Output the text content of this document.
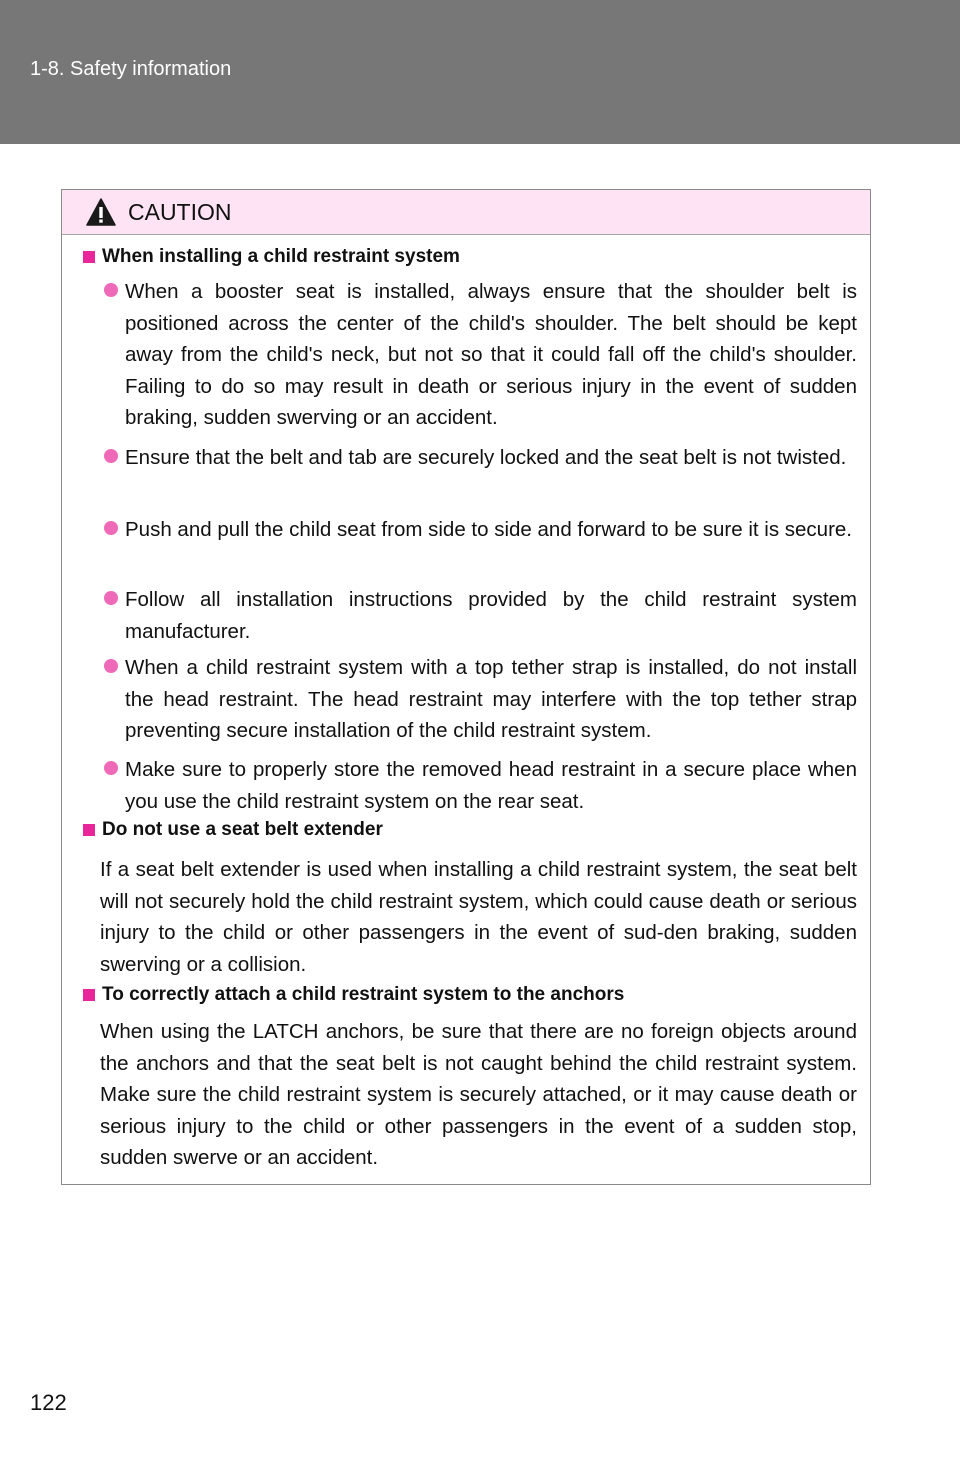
1-8. Safety information
CAUTION
When installing a child restraint system
When a booster seat is installed, always ensure that the shoulder belt is positioned across the center of the child's shoulder. The belt should be kept away from the child's neck, but not so that it could fall off the child's shoulder. Failing to do so may result in death or serious injury in the event of sudden braking, sudden swerving or an accident.
Ensure that the belt and tab are securely locked and the seat belt is not twisted.
Push and pull the child seat from side to side and forward to be sure it is secure.
Follow all installation instructions provided by the child restraint system manufacturer.
When a child restraint system with a top tether strap is installed, do not install the head restraint. The head restraint may interfere with the top tether strap preventing secure installation of the child restraint system.
Make sure to properly store the removed head restraint in a secure place when you use the child restraint system on the rear seat.
Do not use a seat belt extender
If a seat belt extender is used when installing a child restraint system, the seat belt will not securely hold the child restraint system, which could cause death or serious injury to the child or other passengers in the event of sud-den braking, sudden swerving or a collision.
To correctly attach a child restraint system to the anchors
When using the LATCH anchors, be sure that there are no foreign objects around the anchors and that the seat belt is not caught behind the child restraint system. Make sure the child restraint system is securely attached, or it may cause death or serious injury to the child or other passengers in the event of a sudden stop, sudden swerve or an accident.
122
